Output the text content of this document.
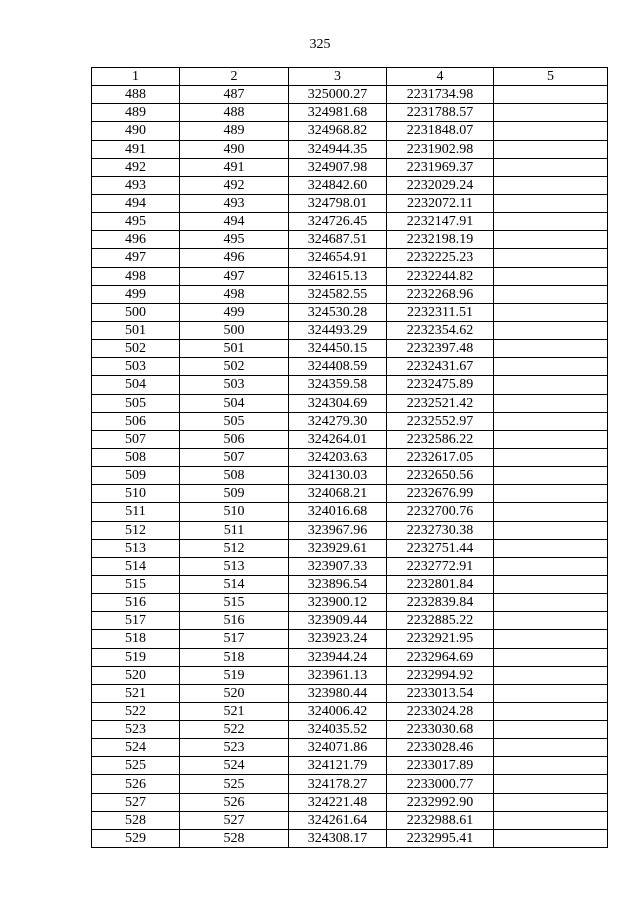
325
1	2	3	4	5
488	487	325000.27	2231734.98	
489	488	324981.68	2231788.57	
490	489	324968.82	2231848.07	
491	490	324944.35	2231902.98	
492	491	324907.98	2231969.37	
493	492	324842.60	2232029.24	
494	493	324798.01	2232072.11	
495	494	324726.45	2232147.91	
496	495	324687.51	2232198.19	
497	496	324654.91	2232225.23	
498	497	324615.13	2232244.82	
499	498	324582.55	2232268.96	
500	499	324530.28	2232311.51	
501	500	324493.29	2232354.62	
502	501	324450.15	2232397.48	
503	502	324408.59	2232431.67	
504	503	324359.58	2232475.89	
505	504	324304.69	2232521.42	
506	505	324279.30	2232552.97	
507	506	324264.01	2232586.22	
508	507	324203.63	2232617.05	
509	508	324130.03	2232650.56	
510	509	324068.21	2232676.99	
511	510	324016.68	2232700.76	
512	511	323967.96	2232730.38	
513	512	323929.61	2232751.44	
514	513	323907.33	2232772.91	
515	514	323896.54	2232801.84	
516	515	323900.12	2232839.84	
517	516	323909.44	2232885.22	
518	517	323923.24	2232921.95	
519	518	323944.24	2232964.69	
520	519	323961.13	2232994.92	
521	520	323980.44	2233013.54	
522	521	324006.42	2233024.28	
523	522	324035.52	2233030.68	
524	523	324071.86	2233028.46	
525	524	324121.79	2233017.89	
526	525	324178.27	2233000.77	
527	526	324221.48	2232992.90	
528	527	324261.64	2232988.61	
529	528	324308.17	2232995.41	
